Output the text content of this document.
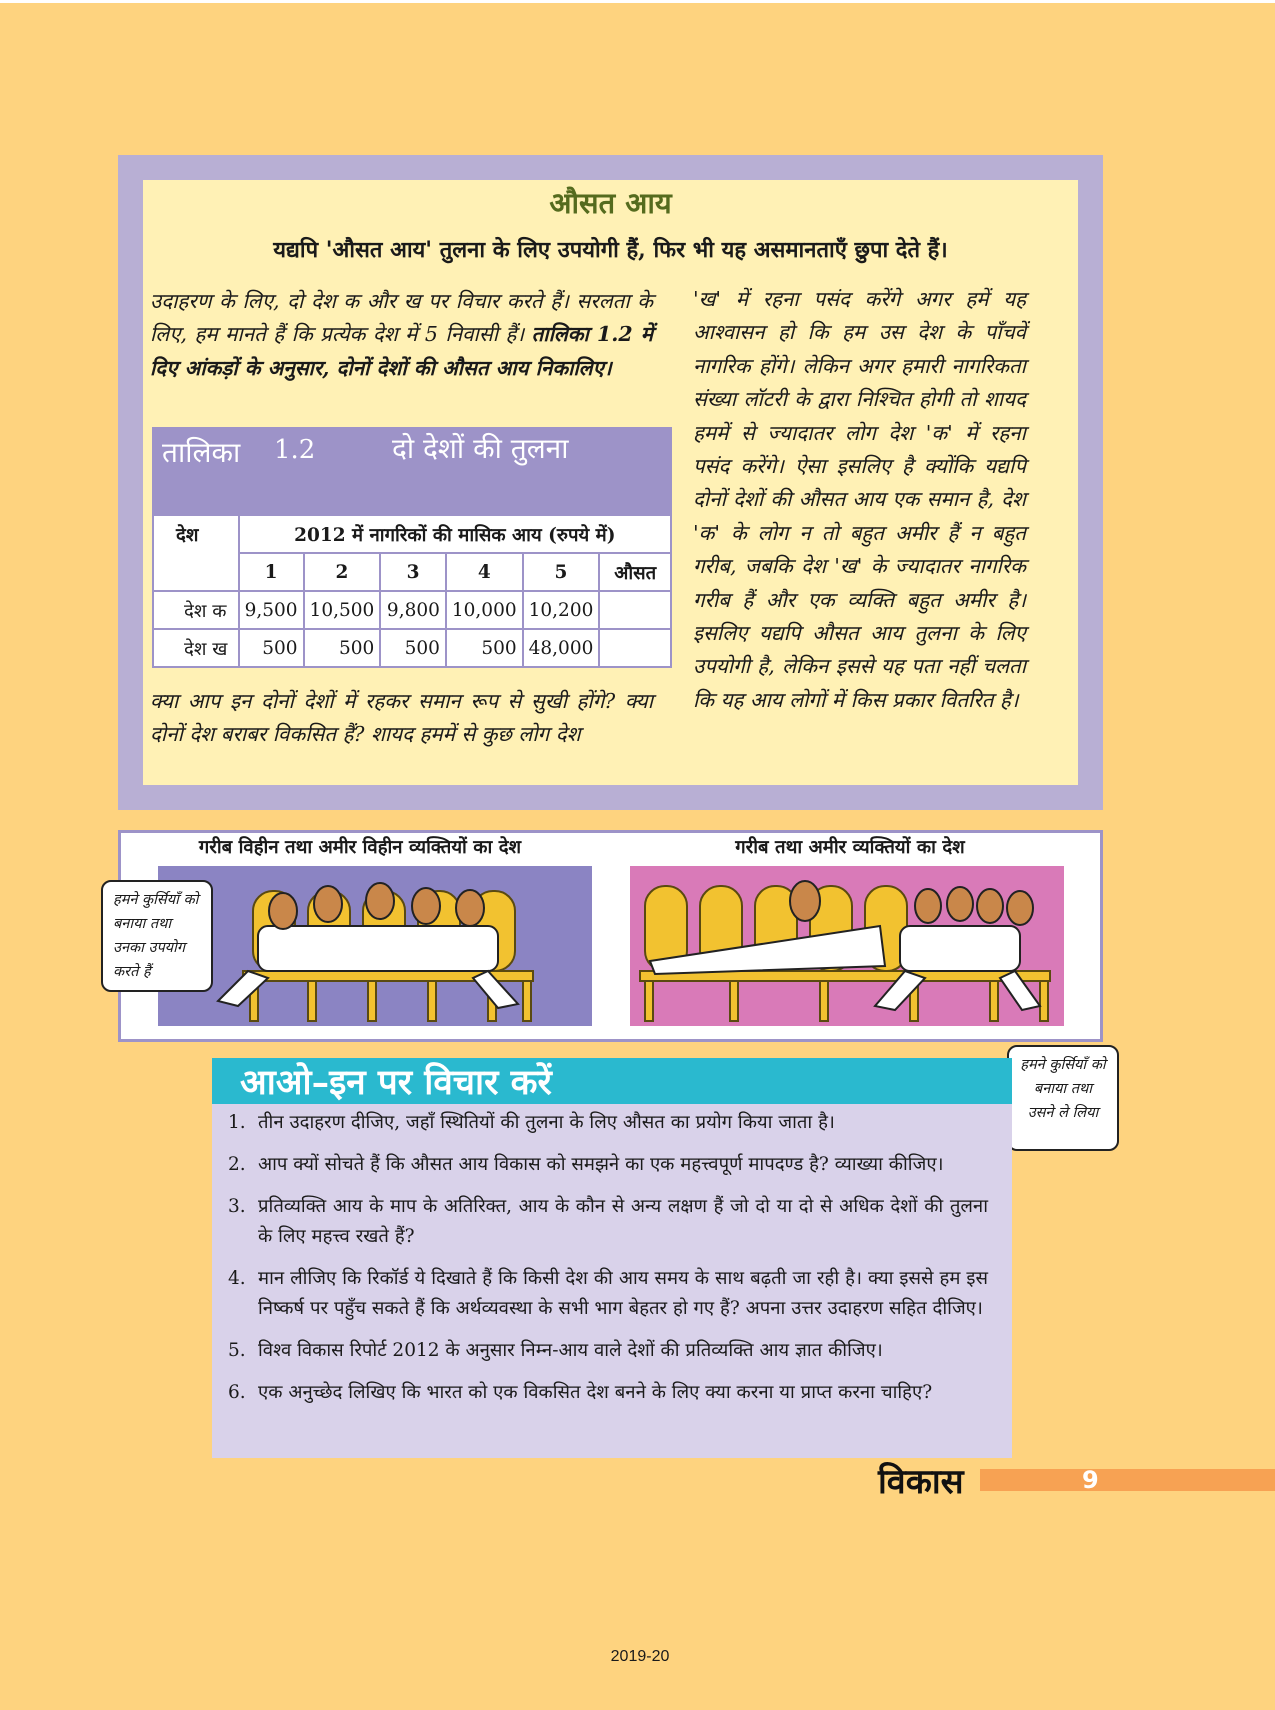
औसत आय
यद्यपि 'औसत आय' तुलना के लिए उपयोगी हैं, फिर भी यह असमानताएँ छुपा देते हैं।

उदाहरण के लिए, दो देश क और ख पर विचार करते हैं। सरलता के लिए, हम मानते हैं कि प्रत्येक देश में 5 निवासी हैं। तालिका 1.2 में दिए आंकड़ों के अनुसार, दोनों देशों की औसत आय निकालिए।

तालिका 1.2	दो देशों की तुलना
देश	2012 में नागरिकों की मासिक आय (रुपये में)					
	1	2	3	4	5	औसत
देश क	9,500	10,500	9,800	10,000	10,200	
देश ख	500	500	500	500	48,000	

क्या आप इन दोनों देशों में रहकर समान रूप से सुखी होंगे? क्या दोनों देश बराबर विकसित हैं? शायद हममें से कुछ लोग देश

'ख' में रहना पसंद करेंगे अगर हमें यह आश्वासन हो कि हम उस देश के पाँचवें नागरिक होंगे। लेकिन अगर हमारी नागरिकता संख्या लॉटरी के द्वारा निश्चित होगी तो शायद हममें से ज्यादातर लोग देश 'क' में रहना पसंद करेंगे। ऐसा इसलिए है क्योंकि यद्यपि दोनों देशों की औसत आय एक समान है, देश 'क' के लोग न तो बहुत अमीर हैं न बहुत गरीब, जबकि देश 'ख' के ज्यादातर नागरिक गरीब हैं और एक व्यक्ति बहुत अमीर है। इसलिए यद्यपि औसत आय तुलना के लिए उपयोगी है, लेकिन इससे यह पता नहीं चलता कि यह आय लोगों में किस प्रकार वितरित है।

गरीब विहीन तथा अमीर विहीन व्यक्तियों का देश	गरीब तथा अमीर व्यक्तियों का देश
हमने कुर्सियाँ को बनाया तथा उनका उपयोग करते हैं
हमने कुर्सियाँ को बनाया तथा उसने ले लिया
आओ–इन पर विचार करें
1. तीन उदाहरण दीजिए, जहाँ स्थितियों की तुलना के लिए औसत का प्रयोग किया जाता है।
2. आप क्यों सोचते हैं कि औसत आय विकास को समझने का एक महत्त्वपूर्ण मापदण्ड है? व्याख्या कीजिए।
3. प्रतिव्यक्ति आय के माप के अतिरिक्त, आय के कौन से अन्य लक्षण हैं जो दो या दो से अधिक देशों की तुलना के लिए महत्त्व रखते हैं?
4. मान लीजिए कि रिकॉर्ड ये दिखाते हैं कि किसी देश की आय समय के साथ बढ़ती जा रही है। क्या इससे हम इस निष्कर्ष पर पहुँच सकते हैं कि अर्थव्यवस्था के सभी भाग बेहतर हो गए हैं? अपना उत्तर उदाहरण सहित दीजिए।
5. विश्व विकास रिपोर्ट 2012 के अनुसार निम्न-आय वाले देशों की प्रतिव्यक्ति आय ज्ञात कीजिए।
6. एक अनुच्छेद लिखिए कि भारत को एक विकसित देश बनने के लिए क्या करना या प्राप्त करना चाहिए?
विकास	9
2019-20
